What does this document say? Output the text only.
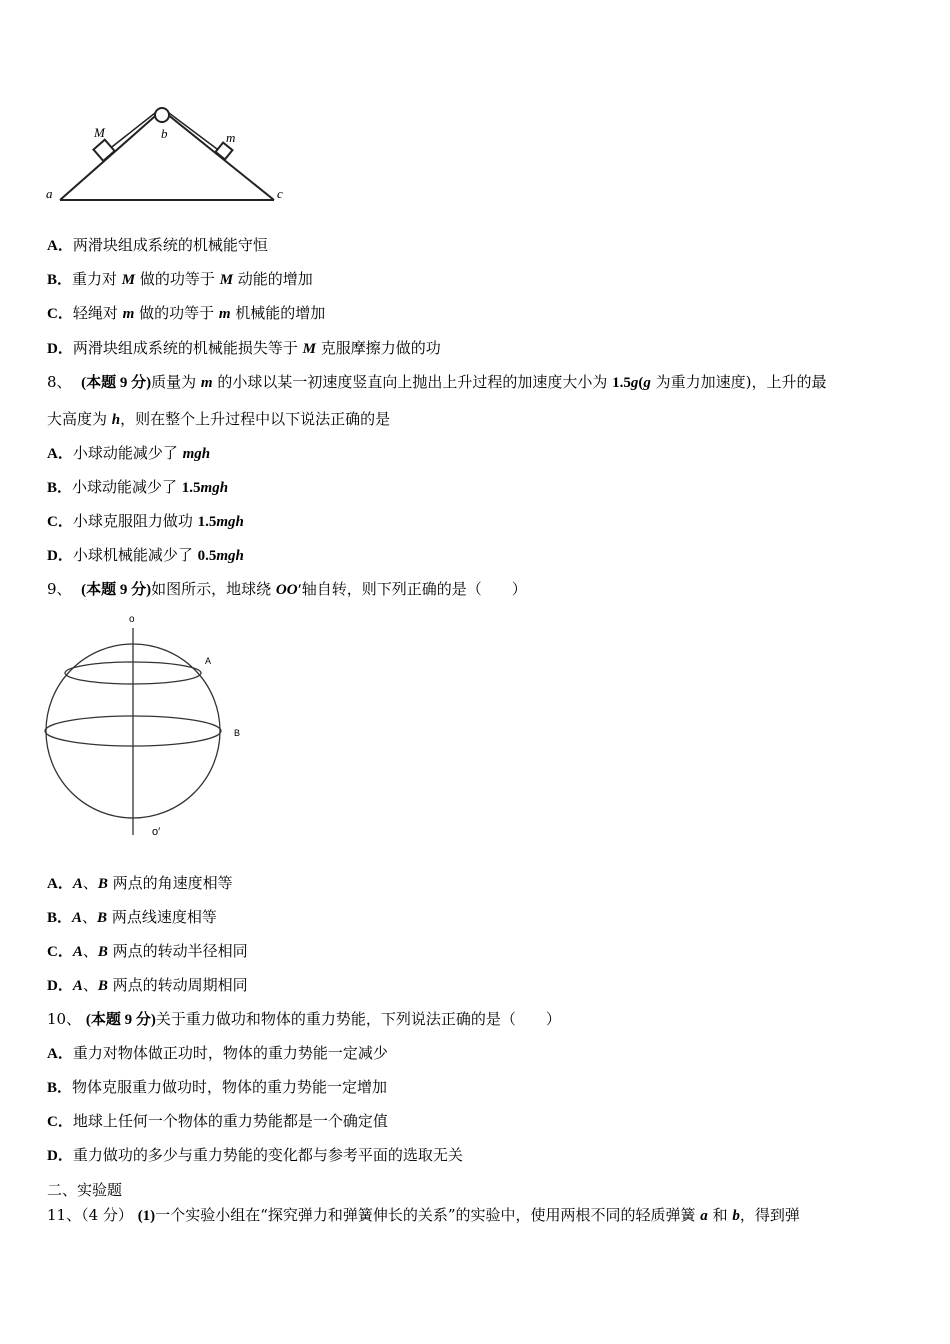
M	b	m
a	c
A．两滑块组成系统的机械能守恒
B．重力对 M 做的功等于 M 动能的增加
C．轻绳对 m 做的功等于 m 机械能的增加
D．两滑块组成系统的机械能损失等于 M 克服摩擦力做的功
8、 (本题 9 分)质量为 m 的小球以某一初速度竖直向上抛出上升过程的加速度大小为 1.5g(g 为重力加速度)，上升的最
大高度为 h，则在整个上升过程中以下说法正确的是
A．小球动能减少了 mgh
B．小球动能减少了 1.5mgh
C．小球克服阻力做功 1.5mgh
D．小球机械能减少了 0.5mgh
9、 (本题 9 分)如图所示，地球绕 OO′轴自转，则下列正确的是（　　）
o
o′
A
B
A．A、B 两点的角速度相等
B．A、B 两点线速度相等
C．A、B 两点的转动半径相同
D．A、B 两点的转动周期相同
10、 (本题 9 分)关于重力做功和物体的重力势能，下列说法正确的是（　　）
A．重力对物体做正功时，物体的重力势能一定减少
B．物体克服重力做功时，物体的重力势能一定增加
C．地球上任何一个物体的重力势能都是一个确定值
D．重力做功的多少与重力势能的变化都与参考平面的选取无关
二、实验题
11、（4 分） (1)一个实验小组在“探究弹力和弹簧伸长的关系”的实验中，使用两根不同的轻质弹簧 a 和 b，得到弹
